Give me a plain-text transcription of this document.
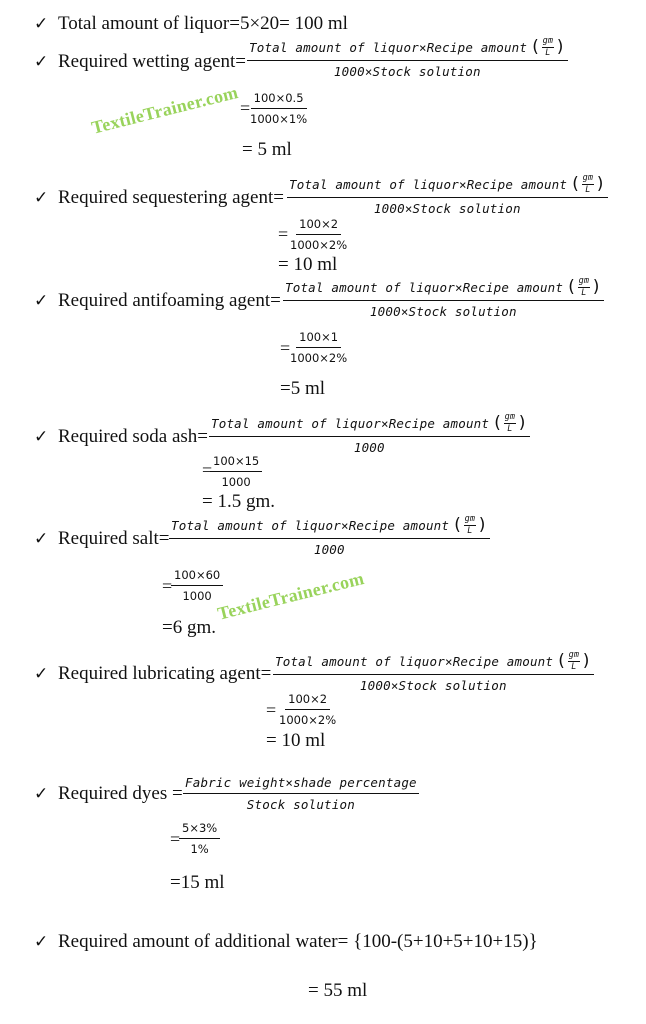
✓ Total amount of liquor=5×20= 100 ml
✓ Required wetting agent=
Total amount of liquor×Recipe amount ( gm
L )
1000×Stock solution
= $\frac{100\times 0.5}{1000\times 1\%}$
= 5 ml
✓ Required sequestering agent=
Total amount of liquor×Recipe amount ( gm
L )
1000×Stock solution
= $\frac{100\times 2}{1000\times 2\%}$
= 10 ml
✓ Required antifoaming agent=
Total amount of liquor×Recipe amount ( gm
L )
1000×Stock solution
= $\frac{100\times 1}{1000\times 2\%}$
=5 ml
✓ Required soda ash=
Total amount of liquor×Recipe amount ( gm
L )
1000
=
$\frac{100\times 15}{1000}$
= 1.5 gm.
✓ Required salt=
Total amount of liquor×Recipe amount ( gm
L )
1000
=
$\frac{100\times 60}{1000}$
=6 gm.
✓ Required lubricating agent=
Total amount of liquor×Recipe amount ( gm
L )
1000×Stock solution
= $\frac{100\times 2}{1000\times 2\%}$
= 10 ml
✓ Required dyes =
Fabric weight×shade percentage
Stock solution
=
$\frac{5\times 3\%}{1\%}$
=15 ml
✓ Required amount of additional water= {100-(5+10+5+10+15)}
= 55 ml
TextileTrainer.com
TextileTrainer.com
